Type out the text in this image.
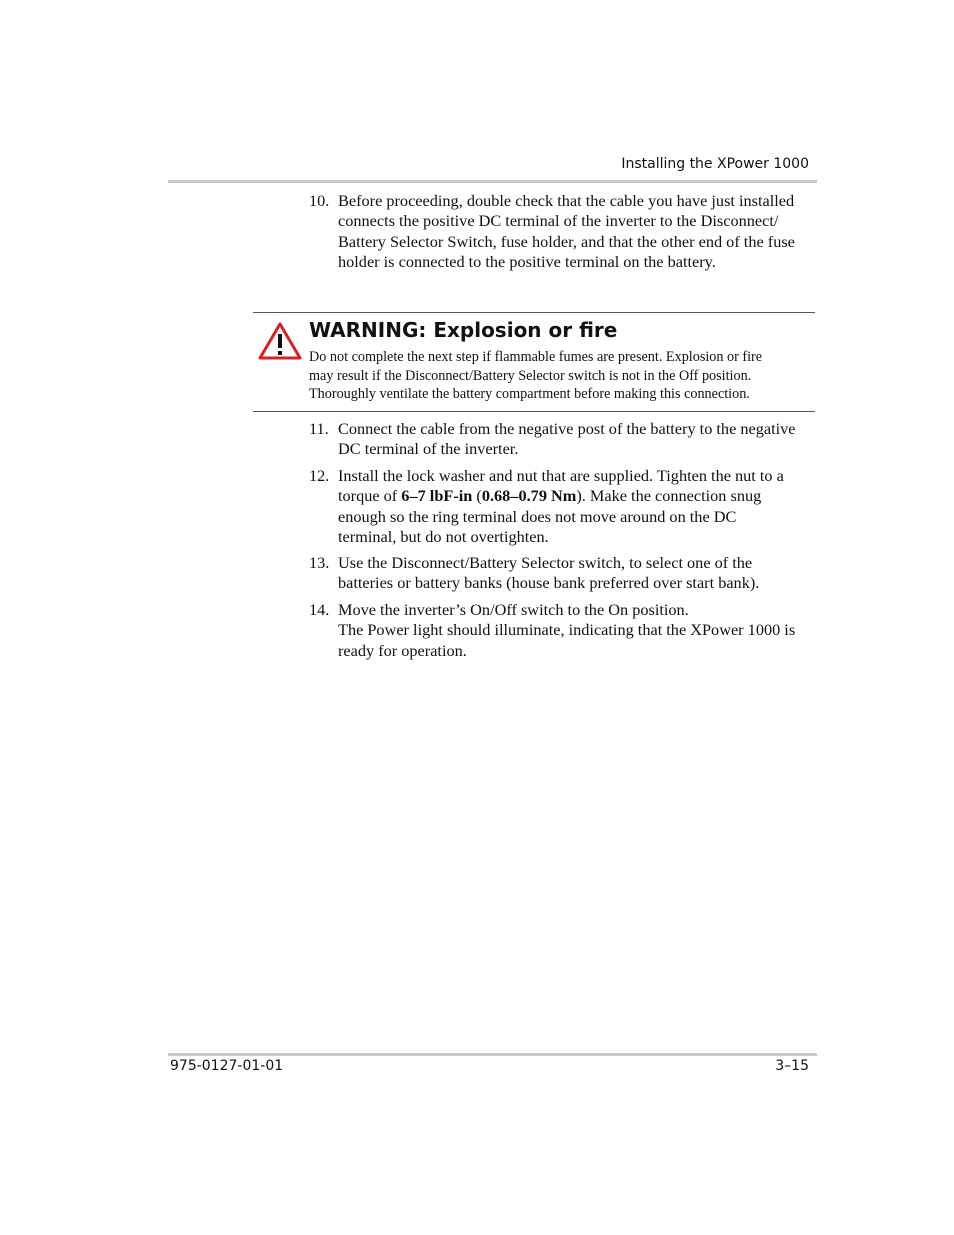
Installing the XPower 1000
10. Before proceeding, double check that the cable you have just installed
connects the positive DC terminal of the inverter to the Disconnect/
Battery Selector Switch, fuse holder, and that the other end of the fuse
holder is connected to the positive terminal on the battery.
WARNING: Explosion or fire
Do not complete the next step if flammable fumes are present. Explosion or fire
may result if the Disconnect/Battery Selector switch is not in the Off position.
Thoroughly ventilate the battery compartment before making this connection.
11. Connect the cable from the negative post of the battery to the negative
DC terminal of the inverter.
12. Install the lock washer and nut that are supplied. Tighten the nut to a
torque of 6–7 lbF-in (0.68–0.79 Nm). Make the connection snug
enough so the ring terminal does not move around on the DC
terminal, but do not overtighten.
13. Use the Disconnect/Battery Selector switch, to select one of the
batteries or battery banks (house bank preferred over start bank).
14. Move the inverter’s On/Off switch to the On position.
The Power light should illuminate, indicating that the XPower 1000 is
ready for operation.
975-0127-01-01	3–15
